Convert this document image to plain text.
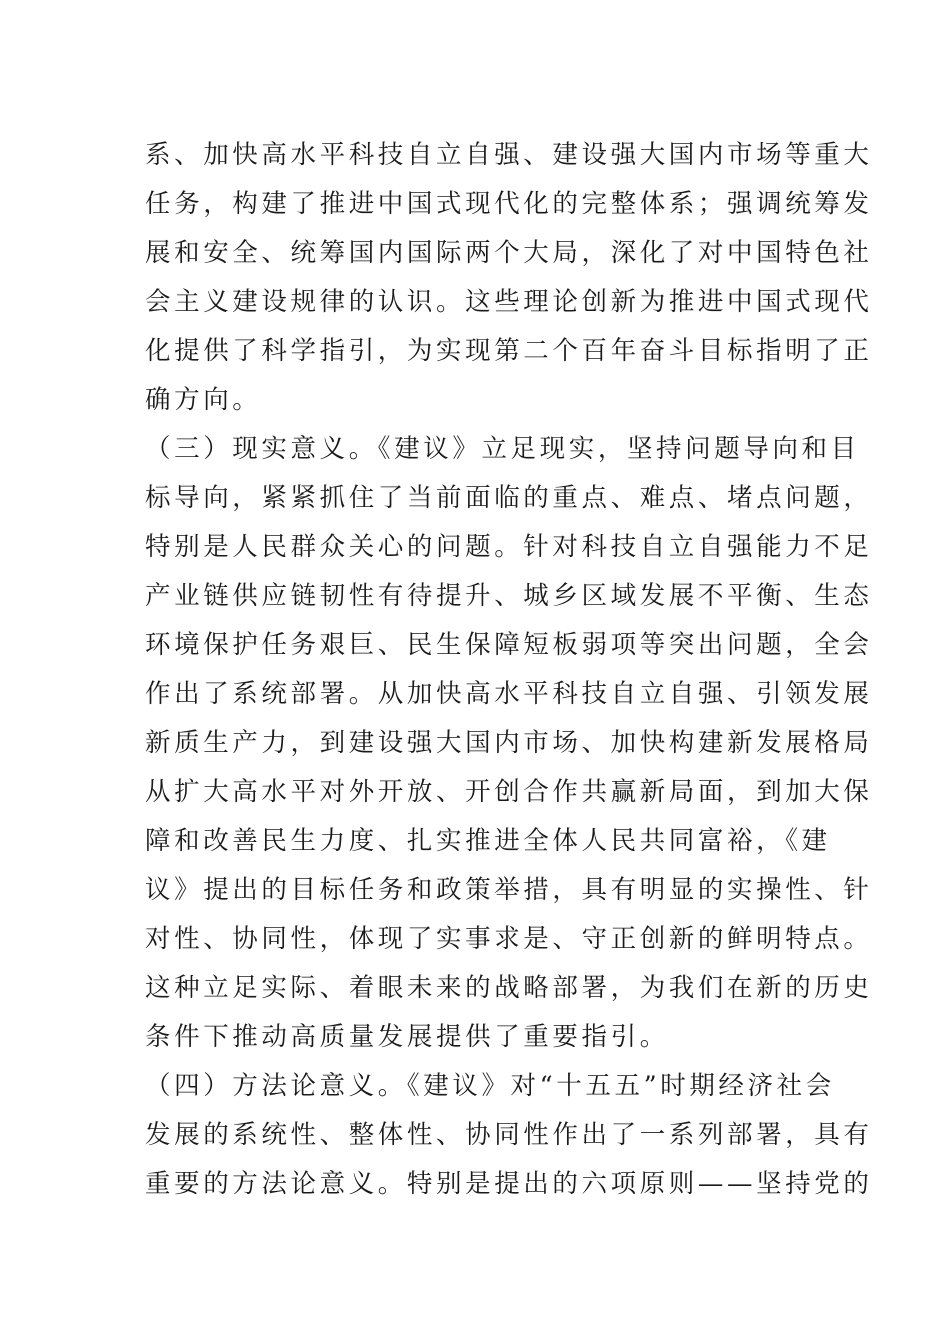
系、加快高水平科技自立自强、建设强大国内市场等重大
任务，构建了推进中国式现代化的完整体系；强调统筹发
展和安全、统筹国内国际两个大局，深化了对中国特色社
会主义建设规律的认识。这些理论创新为推进中国式现代
化提供了科学指引，为实现第二个百年奋斗目标指明了正
确方向。
（三）现实意义。《建议》立足现实，坚持问题导向和目
标导向，紧紧抓住了当前面临的重点、难点、堵点问题，
特别是人民群众关心的问题。针对科技自立自强能力不足
产业链供应链韧性有待提升、城乡区域发展不平衡、生态
环境保护任务艰巨、民生保障短板弱项等突出问题，全会
作出了系统部署。从加快高水平科技自立自强、引领发展
新质生产力，到建设强大国内市场、加快构建新发展格局
从扩大高水平对外开放、开创合作共赢新局面，到加大保
障和改善民生力度、扎实推进全体人民共同富裕，《建
议》提出的目标任务和政策举措，具有明显的实操性、针
对性、协同性，体现了实事求是、守正创新的鲜明特点。
这种立足实际、着眼未来的战略部署，为我们在新的历史
条件下推动高质量发展提供了重要指引。
（四）方法论意义。《建议》对“十五五”时期经济社会
发展的系统性、整体性、协同性作出了一系列部署，具有
重要的方法论意义。特别是提出的六项原则——坚持党的
